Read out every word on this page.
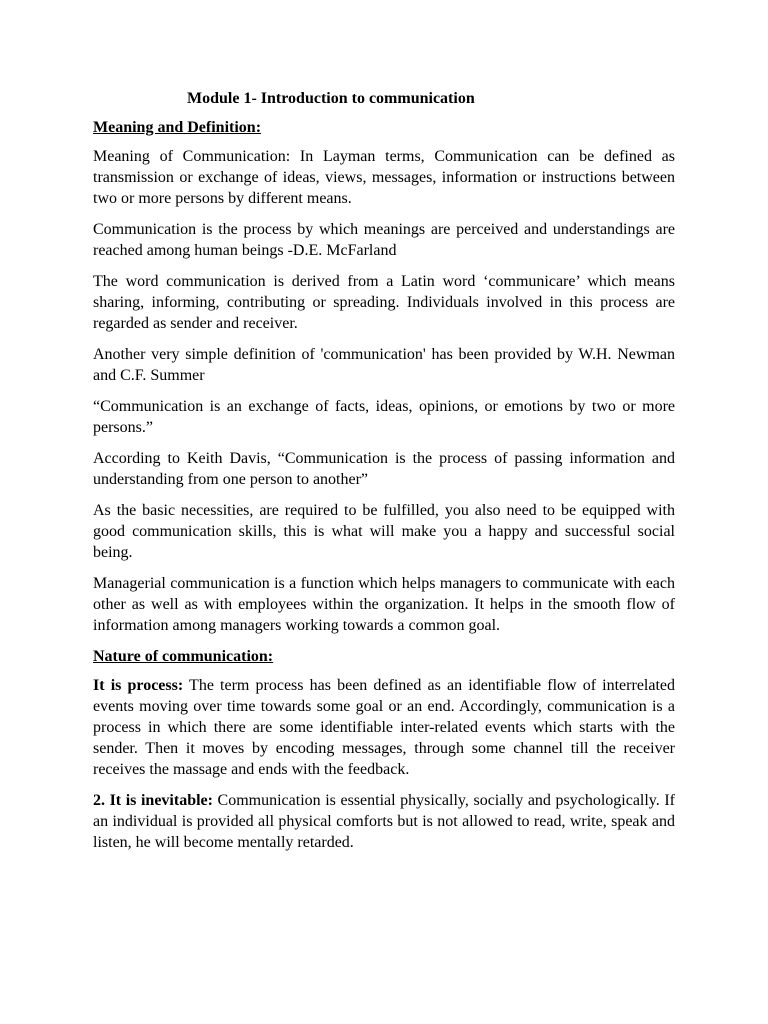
Module 1- Introduction to communication
Meaning and Definition:

Meaning of Communication: In Layman terms, Communication can be defined as transmission or exchange of ideas, views, messages, information or instructions between two or more persons by different means.

Communication is the process by which meanings are perceived and understandings are reached among human beings -D.E. McFarland

The word communication is derived from a Latin word ‘communicare’ which means sharing, informing, contributing or spreading. Individuals involved in this process are regarded as sender and receiver.

Another very simple definition of 'communication' has been provided by W.H. Newman and C.F. Summer

“Communication is an exchange of facts, ideas, opinions, or emotions by two or more persons.”

According to Keith Davis, “Communication is the process of passing information and understanding from one person to another”

As the basic necessities, are required to be fulfilled, you also need to be equipped with good communication skills, this is what will make you a happy and successful social being.

Managerial communication is a function which helps managers to communicate with each other as well as with employees within the organization. It helps in the smooth flow of information among managers working towards a common goal.

Nature of communication:

It is process: The term process has been defined as an identifiable flow of interrelated events moving over time towards some goal or an end. Accordingly, communication is a process in which there are some identifiable inter-related events which starts with the sender. Then it moves by encoding messages, through some channel till the receiver receives the massage and ends with the feedback.

2. It is inevitable: Communication is essential physically, socially and psychologically. If an individual is provided all physical comforts but is not allowed to read, write, speak and listen, he will become mentally retarded.
